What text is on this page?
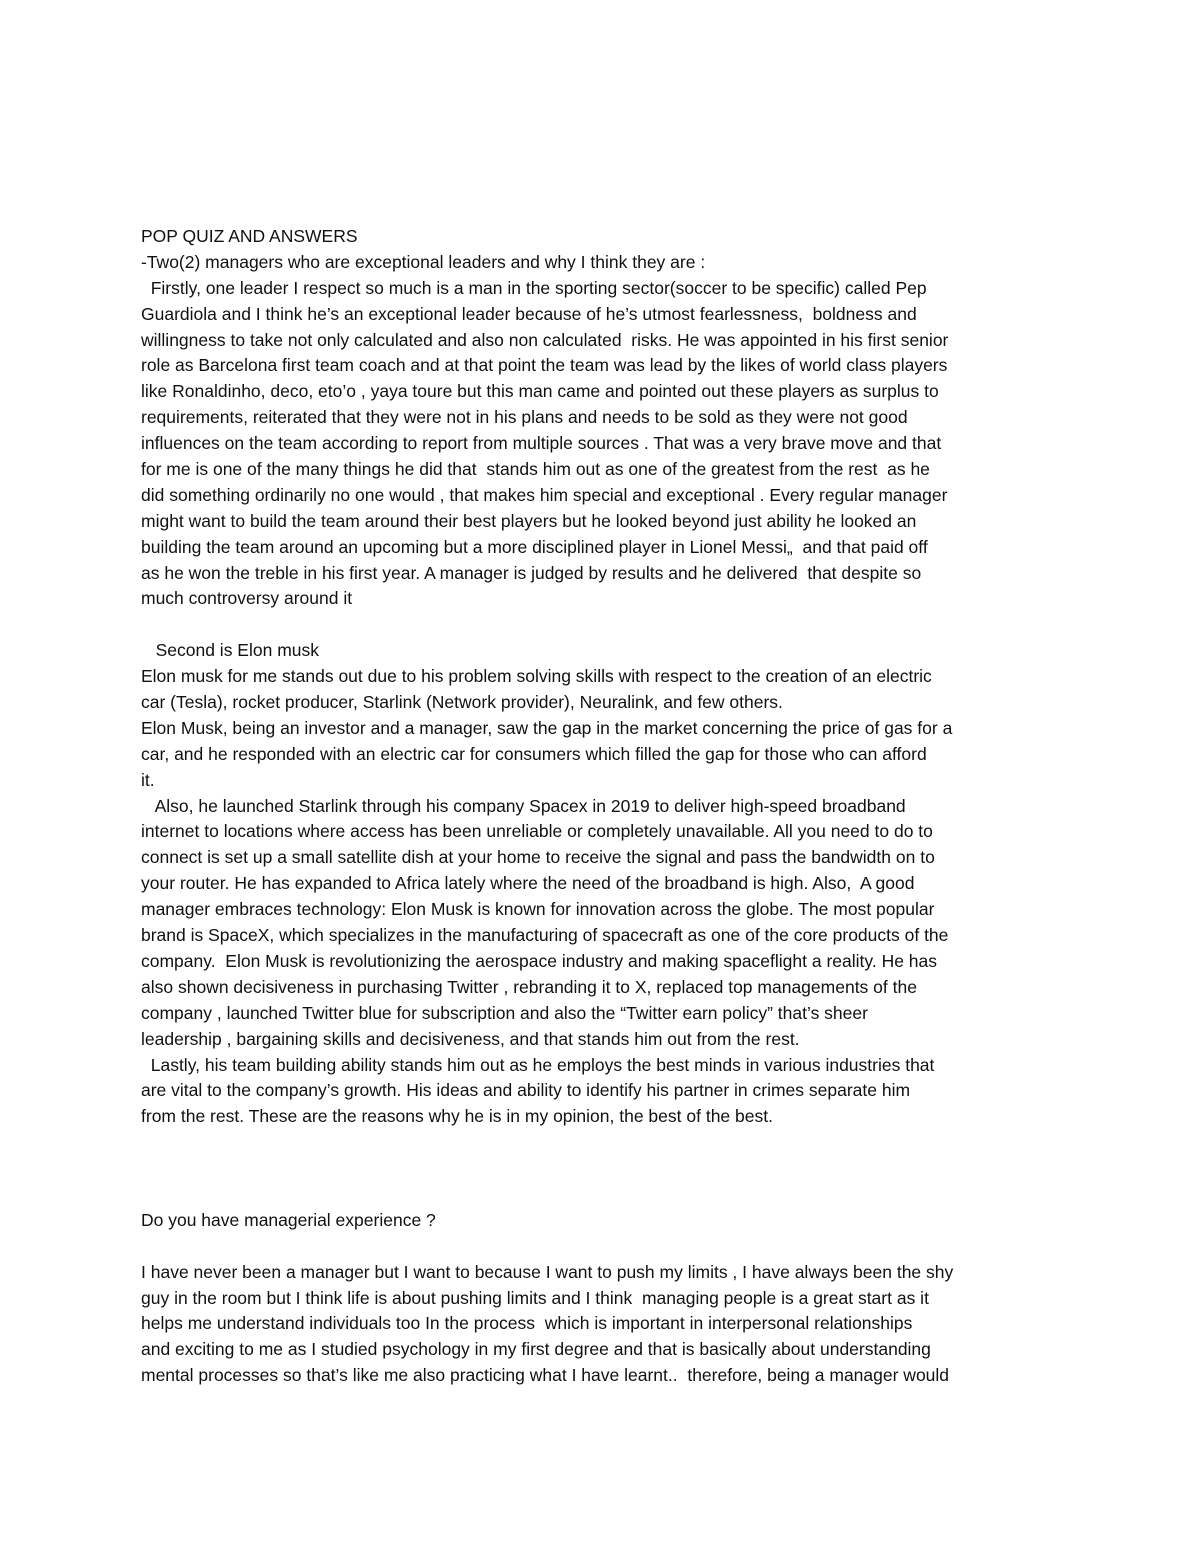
POP QUIZ AND ANSWERS
-Two(2) managers who are exceptional leaders and why I think they are :
Firstly, one leader I respect so much is a man in the sporting sector(soccer to be specific) called Pep
Guardiola and I think he’s an exceptional leader because of he’s utmost fearlessness,  boldness and
willingness to take not only calculated and also non calculated  risks. He was appointed in his first senior
role as Barcelona first team coach and at that point the team was lead by the likes of world class players
like Ronaldinho, deco, eto’o , yaya toure but this man came and pointed out these players as surplus to
requirements, reiterated that they were not in his plans and needs to be sold as they were not good
influences on the team according to report from multiple sources . That was a very brave move and that
for me is one of the many things he did that  stands him out as one of the greatest from the rest  as he
did something ordinarily no one would , that makes him special and exceptional . Every regular manager
might want to build the team around their best players but he looked beyond just ability he looked an
building the team around an upcoming but a more disciplined player in Lionel Messi„  and that paid off
as he won the treble in his first year. A manager is judged by results and he delivered  that despite so
much controversy around it
Second is Elon musk
Elon musk for me stands out due to his problem solving skills with respect to the creation of an electric
car (Tesla), rocket producer, Starlink (Network provider), Neuralink, and few others.
Elon Musk, being an investor and a manager, saw the gap in the market concerning the price of gas for a
car, and he responded with an electric car for consumers which filled the gap for those who can afford
it.
Also, he launched Starlink through his company Spacex in 2019 to deliver high-speed broadband
internet to locations where access has been unreliable or completely unavailable. All you need to do to
connect is set up a small satellite dish at your home to receive the signal and pass the bandwidth on to
your router. He has expanded to Africa lately where the need of the broadband is high. Also,  A good
manager embraces technology: Elon Musk is known for innovation across the globe. The most popular
brand is SpaceX, which specializes in the manufacturing of spacecraft as one of the core products of the
company.  Elon Musk is revolutionizing the aerospace industry and making spaceflight a reality. He has
also shown decisiveness in purchasing Twitter , rebranding it to X, replaced top managements of the
company , launched Twitter blue for subscription and also the “Twitter earn policy” that’s sheer
leadership , bargaining skills and decisiveness, and that stands him out from the rest.
Lastly, his team building ability stands him out as he employs the best minds in various industries that
are vital to the company’s growth. His ideas and ability to identify his partner in crimes separate him
from the rest. These are the reasons why he is in my opinion, the best of the best.
Do you have managerial experience ?
I have never been a manager but I want to because I want to push my limits , I have always been the shy
guy in the room but I think life is about pushing limits and I think  managing people is a great start as it
helps me understand individuals too In the process  which is important in interpersonal relationships
and exciting to me as I studied psychology in my first degree and that is basically about understanding
mental processes so that’s like me also practicing what I have learnt..  therefore, being a manager would
